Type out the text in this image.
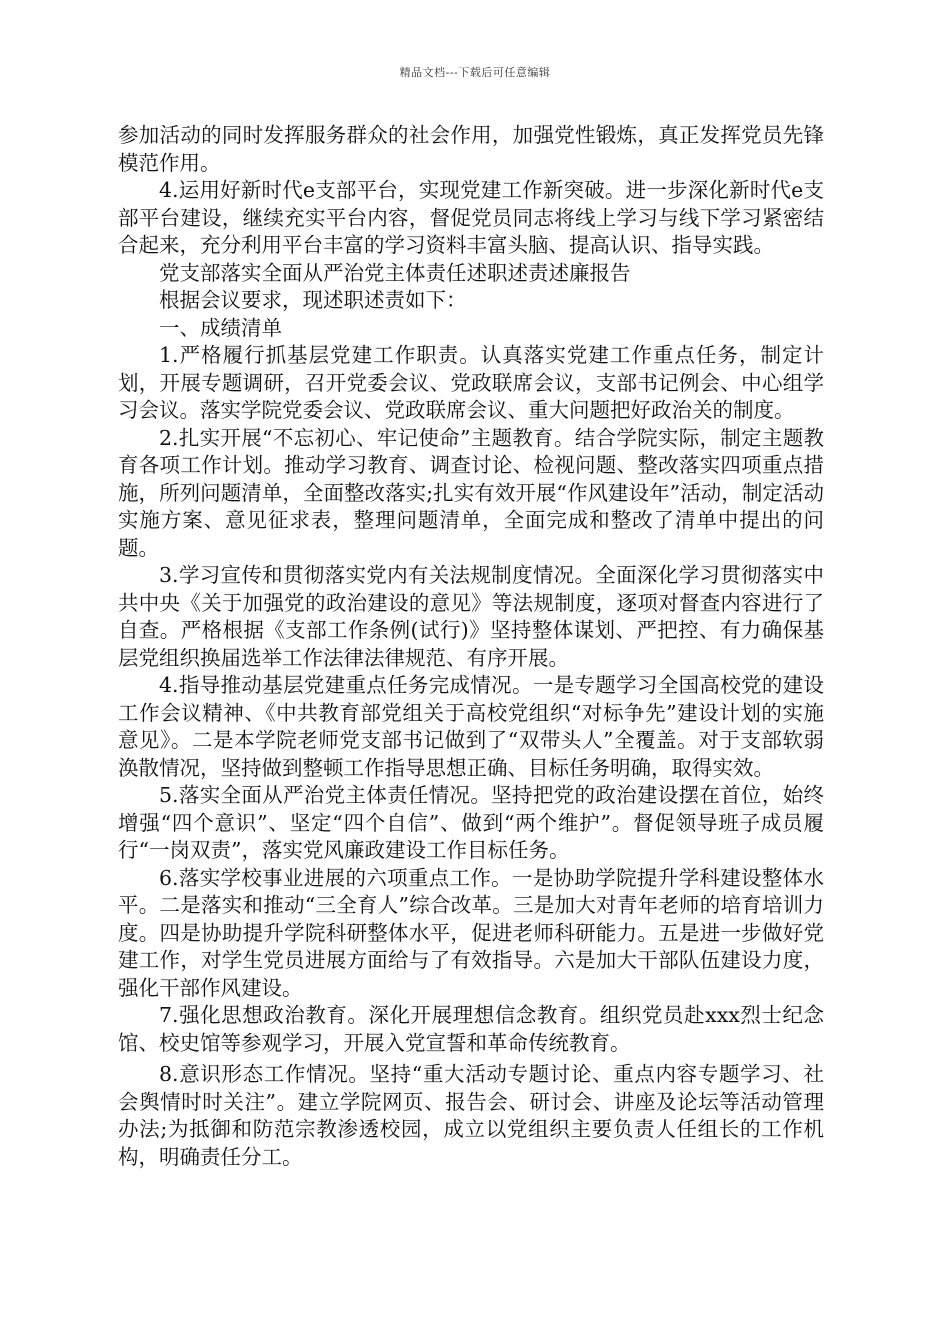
精品文档---下载后可任意编辑

参加活动的同时发挥服务群众的社会作用，加强党性锻炼，真正发挥党员先锋模范作用。

4.运用好新时代e支部平台，实现党建工作新突破。进一步深化新时代e支部平台建设，继续充实平台内容，督促党员同志将线上学习与线下学习紧密结合起来，充分利用平台丰富的学习资料丰富头脑、提高认识、指导实践。

党支部落实全面从严治党主体责任述职述责述廉报告

根据会议要求，现述职述责如下：

一、成绩清单

1.严格履行抓基层党建工作职责。认真落实党建工作重点任务，制定计划，开展专题调研，召开党委会议、党政联席会议，支部书记例会、中心组学习会议。落实学院党委会议、党政联席会议、重大问题把好政治关的制度。

2.扎实开展“不忘初心、牢记使命”主题教育。结合学院实际，制定主题教育各项工作计划。推动学习教育、调查讨论、检视问题、整改落实四项重点措施，所列问题清单，全面整改落实;扎实有效开展“作风建设年”活动，制定活动实施方案、意见征求表，整理问题清单，全面完成和整改了清单中提出的问题。

3.学习宣传和贯彻落实党内有关法规制度情况。全面深化学习贯彻落实中共中央《关于加强党的政治建设的意见》等法规制度，逐项对督查内容进行了自查。严格根据《支部工作条例(试行)》坚持整体谋划、严把控、有力确保基层党组织换届选举工作法律法律规范、有序开展。

4.指导推动基层党建重点任务完成情况。一是专题学习全国高校党的建设工作会议精神、《中共教育部党组关于高校党组织“对标争先”建设计划的实施意见》。二是本学院老师党支部书记做到了“双带头人”全覆盖。对于支部软弱涣散情况，坚持做到整顿工作指导思想正确、目标任务明确，取得实效。

5.落实全面从严治党主体责任情况。坚持把党的政治建设摆在首位，始终增强“四个意识”、坚定“四个自信”、做到“两个维护”。督促领导班子成员履行“一岗双责”，落实党风廉政建设工作目标任务。

6.落实学校事业进展的六项重点工作。一是协助学院提升学科建设整体水平。二是落实和推动“三全育人”综合改革。三是加大对青年老师的培育培训力度。四是协助提升学院科研整体水平，促进老师科研能力。五是进一步做好党建工作，对学生党员进展方面给与了有效指导。六是加大干部队伍建设力度，强化干部作风建设。

7.强化思想政治教育。深化开展理想信念教育。组织党员赴xxx烈士纪念馆、校史馆等参观学习，开展入党宣誓和革命传统教育。

8.意识形态工作情况。坚持“重大活动专题讨论、重点内容专题学习、社会舆情时时关注”。建立学院网页、报告会、研讨会、讲座及论坛等活动管理办法;为抵御和防范宗教渗透校园，成立以党组织主要负责人任组长的工作机构，明确责任分工。
